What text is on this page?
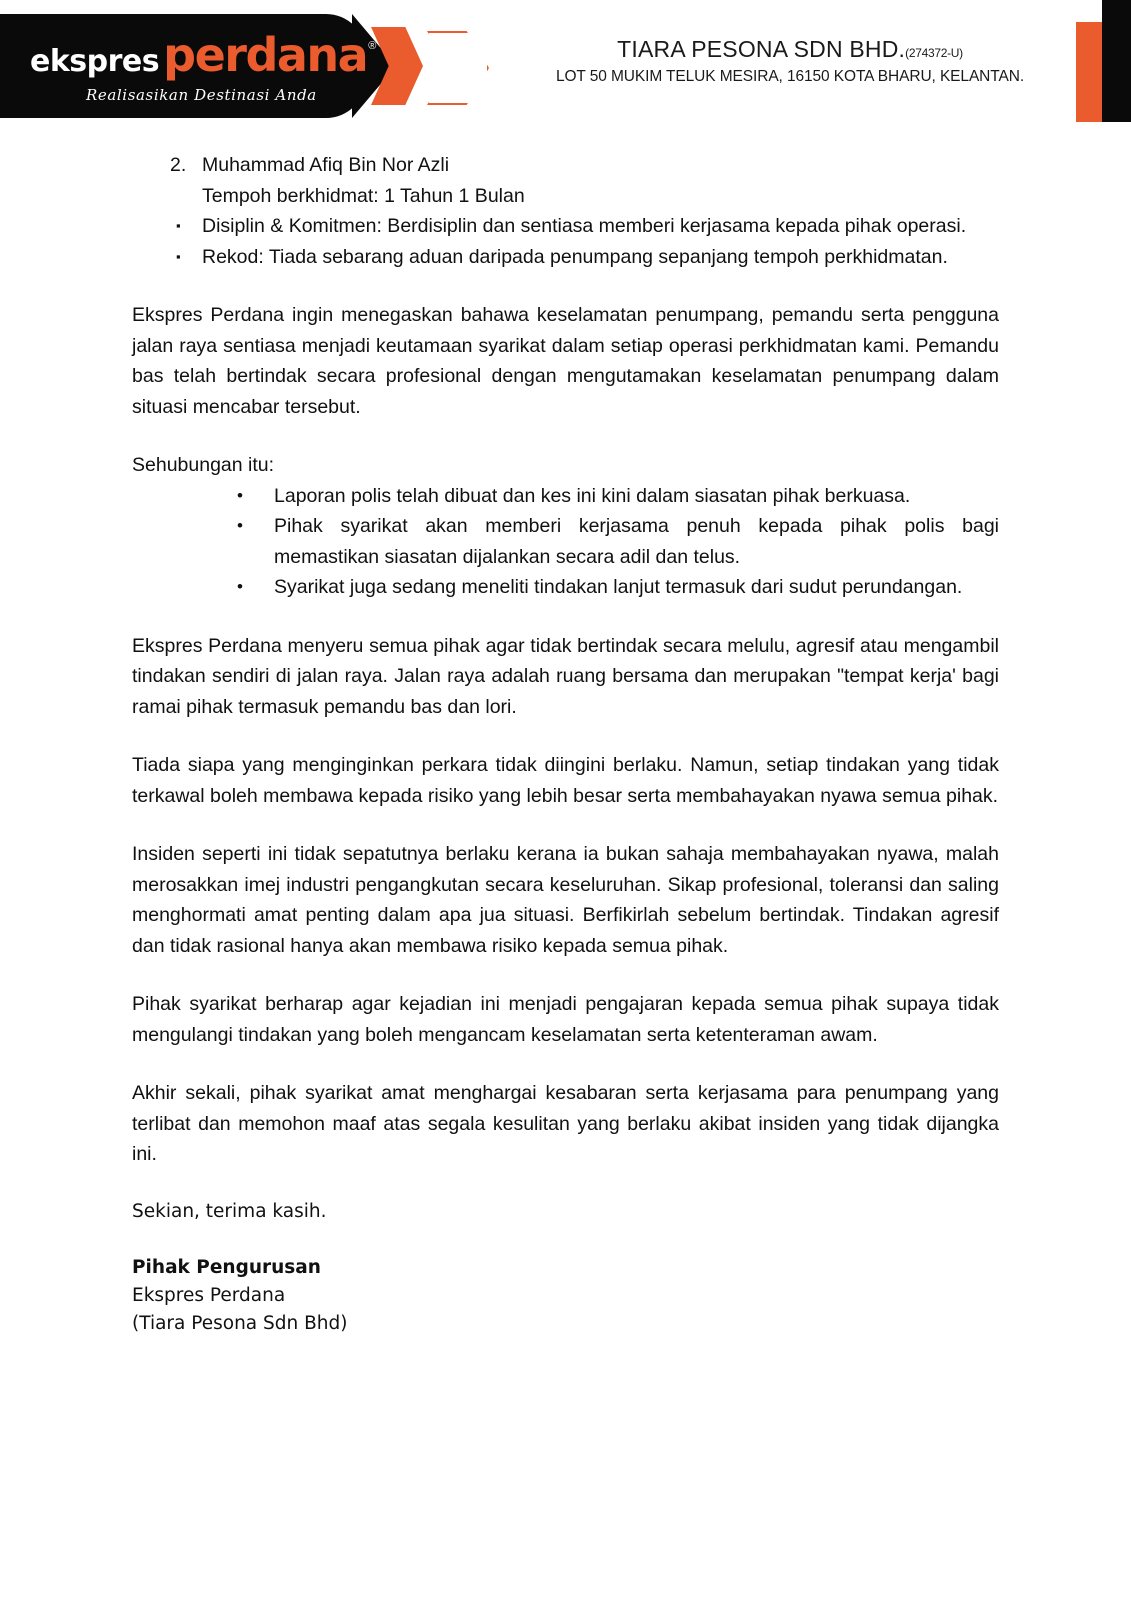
ekspres perdana ®
Realisasikan Destinasi Anda
TIARA PESONA SDN BHD.(274372-U)
LOT 50 MUKIM TELUK MESIRA, 16150 KOTA BHARU, KELANTAN.
2. Muhammad Afiq Bin Nor Azli
Tempoh berkhidmat: 1 Tahun 1 Bulan
▪ Disiplin & Komitmen: Berdisiplin dan sentiasa memberi kerjasama kepada pihak operasi.
▪ Rekod: Tiada sebarang aduan daripada penumpang sepanjang tempoh perkhidmatan.

Ekspres Perdana ingin menegaskan bahawa keselamatan penumpang, pemandu serta pengguna jalan raya sentiasa menjadi keutamaan syarikat dalam setiap operasi perkhidmatan kami. Pemandu bas telah bertindak secara profesional dengan mengutamakan keselamatan penumpang dalam situasi mencabar tersebut.

Sehubungan itu:

• Laporan polis telah dibuat dan kes ini kini dalam siasatan pihak berkuasa.
• Pihak syarikat akan memberi kerjasama penuh kepada pihak polis bagi memastikan siasatan dijalankan secara adil dan telus.
• Syarikat juga sedang meneliti tindakan lanjut termasuk dari sudut perundangan.

Ekspres Perdana menyeru semua pihak agar tidak bertindak secara melulu, agresif atau mengambil tindakan sendiri di jalan raya. Jalan raya adalah ruang bersama dan merupakan "tempat kerja' bagi ramai pihak termasuk pemandu bas dan lori.

Tiada siapa yang menginginkan perkara tidak diingini berlaku. Namun, setiap tindakan yang tidak terkawal boleh membawa kepada risiko yang lebih besar serta membahayakan nyawa semua pihak.

Insiden seperti ini tidak sepatutnya berlaku kerana ia bukan sahaja membahayakan nyawa, malah merosakkan imej industri pengangkutan secara keseluruhan. Sikap profesional, toleransi dan saling menghormati amat penting dalam apa jua situasi. Berfikirlah sebelum bertindak. Tindakan agresif dan tidak rasional hanya akan membawa risiko kepada semua pihak.

Pihak syarikat berharap agar kejadian ini menjadi pengajaran kepada semua pihak supaya tidak mengulangi tindakan yang boleh mengancam keselamatan serta ketenteraman awam.

Akhir sekali, pihak syarikat amat menghargai kesabaran serta kerjasama para penumpang yang terlibat dan memohon maaf atas segala kesulitan yang berlaku akibat insiden yang tidak dijangka ini.

Sekian, terima kasih.

Pihak Pengurusan
Ekspres Perdana
(Tiara Pesona Sdn Bhd)
